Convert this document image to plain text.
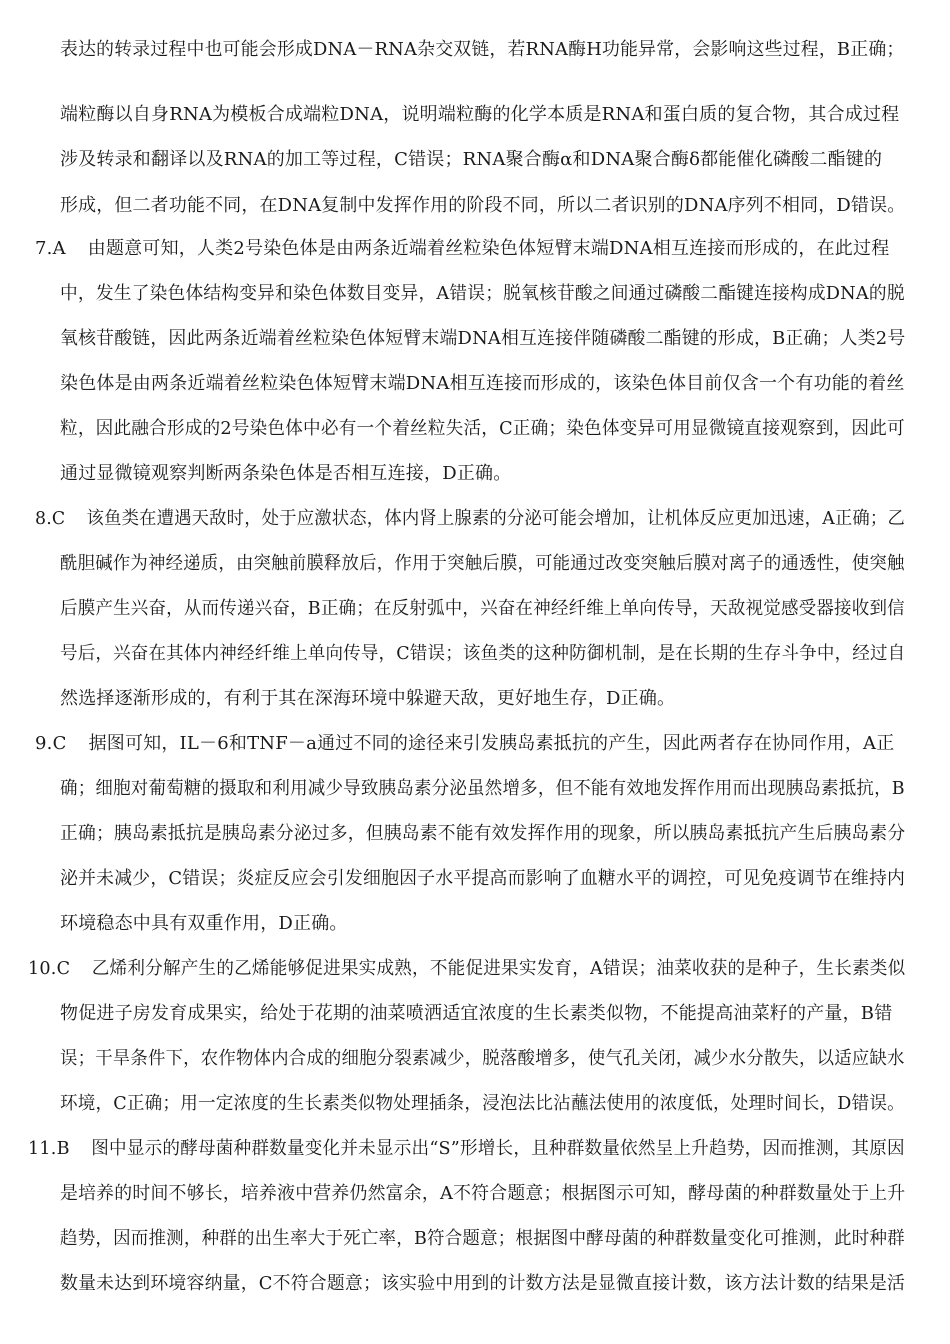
表达的转录过程中也可能会形成DNA－RNA杂交双链，若RNA酶H功能异常，会影响这些过程，B正确；
端粒酶以自身RNA为模板合成端粒DNA，说明端粒酶的化学本质是RNA和蛋白质的复合物，其合成过程
涉及转录和翻译以及RNA的加工等过程，C错误；RNA聚合酶α和DNA聚合酶δ都能催化磷酸二酯键的
形成，但二者功能不同，在DNA复制中发挥作用的阶段不同，所以二者识别的DNA序列不相同，D错误。
7.A 由题意可知，人类2号染色体是由两条近端着丝粒染色体短臂末端DNA相互连接而形成的，在此过程
中，发生了染色体结构变异和染色体数目变异，A错误；脱氧核苷酸之间通过磷酸二酯键连接构成DNA的脱
氧核苷酸链，因此两条近端着丝粒染色体短臂末端DNA相互连接伴随磷酸二酯键的形成，B正确；人类2号
染色体是由两条近端着丝粒染色体短臂末端DNA相互连接而形成的，该染色体目前仅含一个有功能的着丝
粒，因此融合形成的2号染色体中必有一个着丝粒失活，C正确；染色体变异可用显微镜直接观察到，因此可
通过显微镜观察判断两条染色体是否相互连接，D正确。
8.C 该鱼类在遭遇天敌时，处于应激状态，体内肾上腺素的分泌可能会增加，让机体反应更加迅速，A正确；乙
酰胆碱作为神经递质，由突触前膜释放后，作用于突触后膜，可能通过改变突触后膜对离子的通透性，使突触
后膜产生兴奋，从而传递兴奋，B正确；在反射弧中，兴奋在神经纤维上单向传导，天敌视觉感受器接收到信
号后，兴奋在其体内神经纤维上单向传导，C错误；该鱼类的这种防御机制，是在长期的生存斗争中，经过自
然选择逐渐形成的，有利于其在深海环境中躲避天敌，更好地生存，D正确。
9.C 据图可知，IL－6和TNF－a通过不同的途径来引发胰岛素抵抗的产生，因此两者存在协同作用，A正
确；细胞对葡萄糖的摄取和利用减少导致胰岛素分泌虽然增多，但不能有效地发挥作用而出现胰岛素抵抗，B
正确；胰岛素抵抗是胰岛素分泌过多，但胰岛素不能有效发挥作用的现象，所以胰岛素抵抗产生后胰岛素分
泌并未减少，C错误；炎症反应会引发细胞因子水平提高而影响了血糖水平的调控，可见免疫调节在维持内
环境稳态中具有双重作用，D正确。
10.C 乙烯利分解产生的乙烯能够促进果实成熟，不能促进果实发育，A错误；油菜收获的是种子，生长素类似
物促进子房发育成果实，给处于花期的油菜喷洒适宜浓度的生长素类似物，不能提高油菜籽的产量，B错
误；干旱条件下，农作物体内合成的细胞分裂素减少，脱落酸增多，使气孔关闭，减少水分散失，以适应缺水
环境，C正确；用一定浓度的生长素类似物处理插条，浸泡法比沾蘸法使用的浓度低，处理时间长，D错误。
11.B 图中显示的酵母菌种群数量变化并未显示出“S”形增长，且种群数量依然呈上升趋势，因而推测，其原因
是培养的时间不够长，培养液中营养仍然富余，A不符合题意；根据图示可知，酵母菌的种群数量处于上升
趋势，因而推测，种群的出生率大于死亡率，B符合题意；根据图中酵母菌的种群数量变化可推测，此时种群
数量未达到环境容纳量，C不符合题意；该实验中用到的计数方法是显微直接计数，该方法计数的结果是活
